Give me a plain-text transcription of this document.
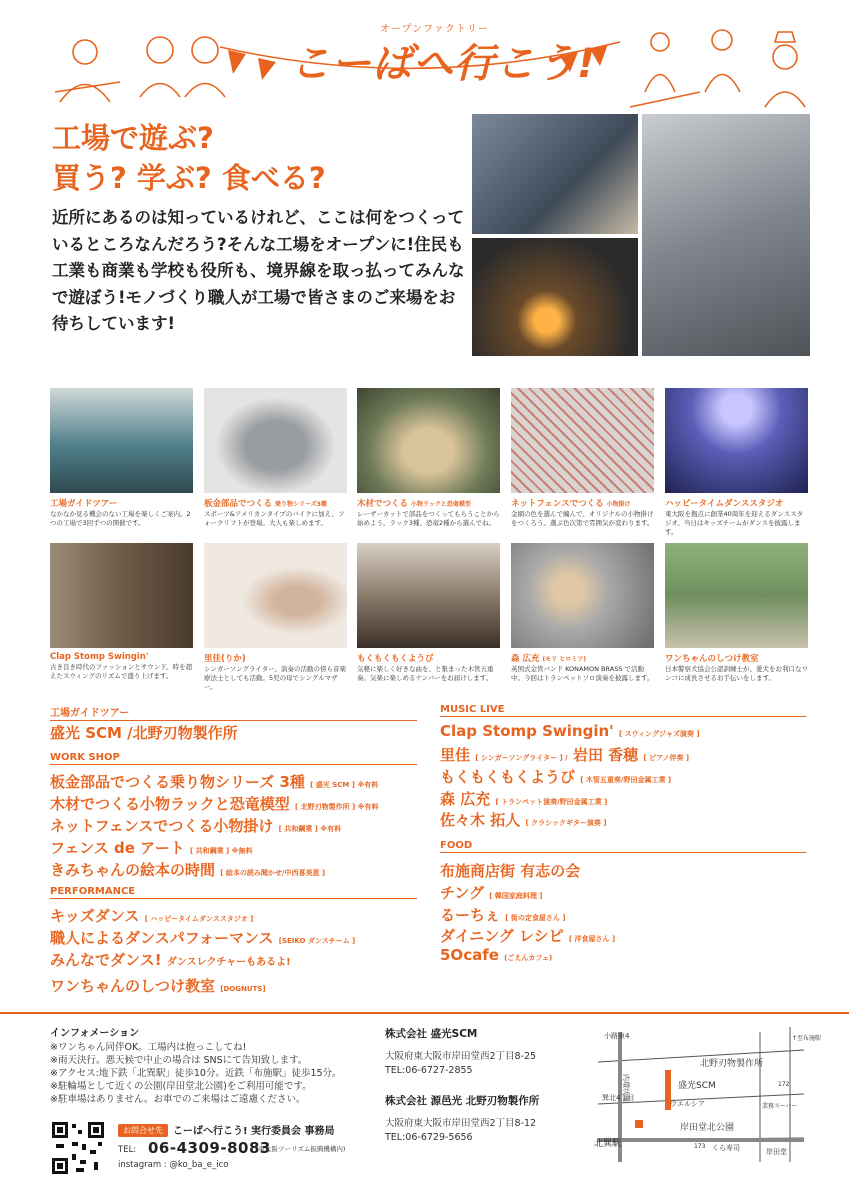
オープンファクトリー
こーばへ行こう!
工場で遊ぶ?
買う? 学ぶ? 食べる?
近所にあるのは知っているけれど、ここは何をつくっているところなんだろう?そんな工場をオープンに!住民も工業も商業も学校も役所も、境界線を取っ払ってみんなで遊ぼう!モノづくり職人が工場で皆さまのご来場をお待ちしています!
工場ガイドツアー
なかなか見る機会のない工場を楽しくご案内。2つの工場で3回ずつの開催です。
板金部品でつくる 乗り物シリーズ3種
スポーツ&アメリカンタイプのバイクに加え、フォークリフトが登場。大人も楽しめます。
木材でつくる 小物ラックと恐竜模型
レーザーカットで部品をつくってもらうことから始めよう。ラック3種、恐竜2種から選んでね。
ネットフェンスでつくる 小物掛け
金網の色を選んで編んで、オリジナルの小物掛けをつくろう。選ぶ色次第で雰囲気が変わります。
ハッピータイムダンススタジオ
東大阪を拠点に創業40周年を迎えるダンススタジオ。当日はキッズチームがダンスを披露します。
Clap Stomp Swingin'
古き良き時代のファッションとサウンド。時を超えたスウィングのリズムで盛り上げます。
里佳(りか)
シンガーソングライター。演奏の活動の傍ら音楽療法士としても活動。5児の母でシングルマザー。
もくもくもくようび
気軽に楽しく好きな曲を、と集まった木管五重奏。気楽に楽しめるナンバーをお届けします。
森 広充 (モリ ヒロミツ)
英国式金管バンド KONAMON BRASS で活動中。今回はトランペットソロ演奏を披露します。
ワンちゃんのしつけ教室
日本警察犬協会公認訓練士が、愛犬をお利口なワンコに成長させるお手伝いをします。
工場ガイドツアー
盛光 SCM /北野刃物製作所
WORK SHOP
板金部品でつくる乗り物シリーズ 3種 [ 盛光 SCM ] ※有料
木材でつくる小物ラックと恐竜模型 [ 北野刃物製作所 ] ※有料
ネットフェンスでつくる小物掛け [ 共和鋼業 ] ※有料
フェンス de アート [ 共和鋼業 ] ※無料
きみちゃんの絵本の時間 [ 絵本の読み聞かせ/中西喜美恵 ]
PERFORMANCE
キッズダンス [ ハッピータイムダンススタジオ ]
職人によるダンスパフォーマンス [SEIKO ダンスチーム ]
みんなでダンス! ダンスレクチャーもあるよ!
ワンちゃんのしつけ教室 [DOGNUTS]
MUSIC LIVE
Clap Stomp Swingin' [ スウィングジャズ演奏 ]
里佳 [ シンガーソングライター ] / 岩田 香穂 [ ピアノ伴奏 ]
もくもくもくようび [ 木管五重奏/野田金属工業 ]
森 広充 [ トランペット演奏/野田金属工業 ]
佐々木 拓人 [ クラシックギター演奏 ]
FOOD
布施商店街 有志の会
チング [ 韓国家庭料理 ]
るーちぇ [ 街の定食屋さん ]
ダイニング レシピ [ 洋食屋さん ]
5Ocafe (ごえんカフェ)
インフォメーション
※ワンちゃん同伴OK。工場内は抱っこしてね!
※雨天決行。悪天候で中止の場合は SNSにて告知致します。
※アクセス:地下鉄「北巽駅」徒歩10分。近鉄「布施駅」徒歩15分。
※駐輪場として近くの公園(岸田堂北公園)をご利用可能です。
※駐車場はありません。お車でのご来場はご遠慮ください。
お問合せ先	こーばへ行こう! 実行委員会 事務局
TEL: 06-4309-8083
(東大阪ツーリズム振興機構内)
instagram : @ko_ba_e_ico
株式会社 盛光SCM
大阪府東大阪市岸田堂西2丁目8-25
TEL:06-6727-2855
株式会社 源邑光 北野刃物製作所
大阪府東大阪市岸田堂西2丁目8-12
TEL:06-6729-5656
小路東4
内環状線
北野刃物製作所
盛光SCM
巽北4丁目
ウエルシア	業務スーパー
岸田堂北公園
北巽駅	くら寿司	岸田堂
↑至布施駅
172
173
